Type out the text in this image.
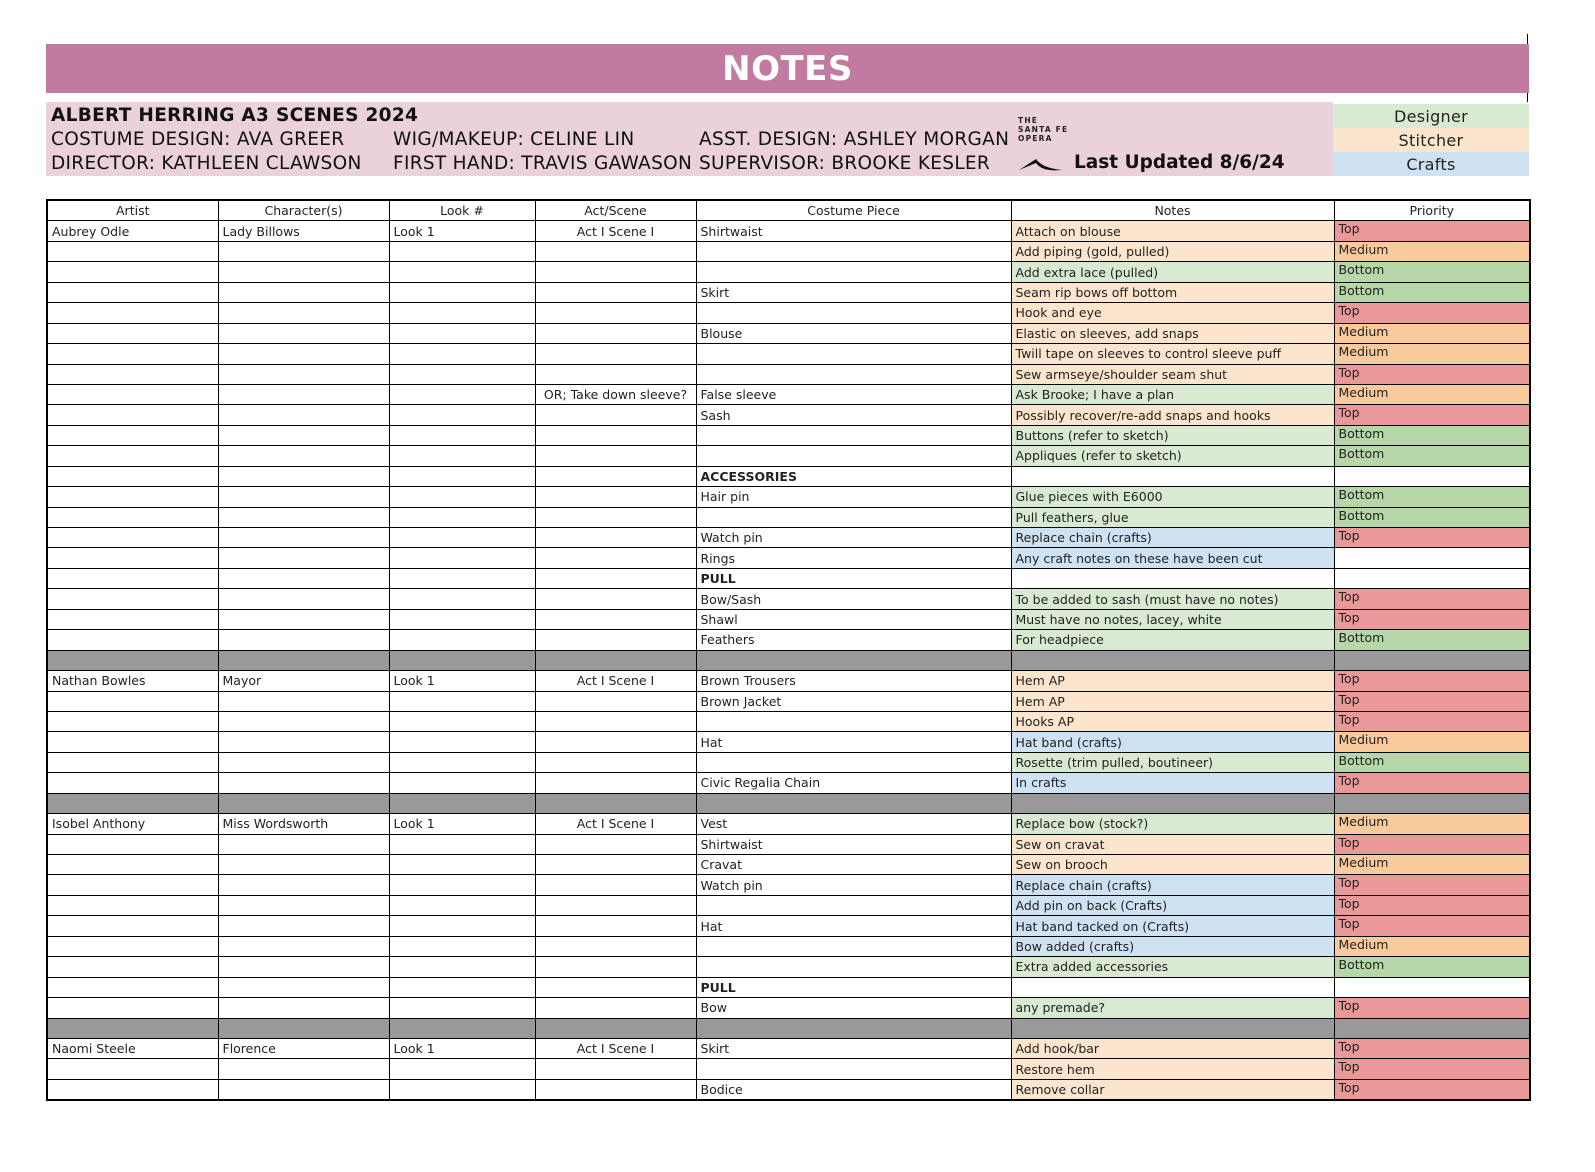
NOTES
ALBERT HERRING A3 SCENES 2024
COSTUME DESIGN: AVA GREER	WIG/MAKEUP: CELINE LIN	ASST. DESIGN: ASHLEY MORGAN
DIRECTOR: KATHLEEN CLAWSON FIRST HAND: TRAVIS GAWASON SUPERVISOR: BROOKE KESLER
THE
SANTA FE
OPERA
Last Updated 8/6/24
Designer
Stitcher
Crafts
Artist	Character(s)	Look #	Act/Scene	Costume Piece	Notes	Priority
Aubrey Odle	Lady Billows	Look 1	Act I Scene I	Shirtwaist	Attach on blouse	Top
					Add piping (gold, pulled)	Medium
					Add extra lace (pulled)	Bottom
				Skirt	Seam rip bows off bottom	Bottom
					Hook and eye	Top
				Blouse	Elastic on sleeves, add snaps	Medium
					Twill tape on sleeves to control sleeve puff	Medium
					Sew armseye/shoulder seam shut	Top
			OR; Take down sleeve?	False sleeve	Ask Brooke; I have a plan	Medium
				Sash	Possibly recover/re-add snaps and hooks	Top
					Buttons (refer to sketch)	Bottom
					Appliques (refer to sketch)	Bottom
				ACCESSORIES		
				Hair pin	Glue pieces with E6000	Bottom
					Pull feathers, glue	Bottom
				Watch pin	Replace chain (crafts)	Top
				Rings	Any craft notes on these have been cut	
				PULL		
				Bow/Sash	To be added to sash (must have no notes)	Top
				Shawl	Must have no notes, lacey, white	Top
				Feathers	For headpiece	Bottom

Nathan Bowles	Mayor	Look 1	Act I Scene I	Brown Trousers	Hem AP	Top
				Brown Jacket	Hem AP	Top
					Hooks AP	Top
				Hat	Hat band (crafts)	Medium
					Rosette (trim pulled, boutineer)	Bottom
				Civic Regalia Chain	In crafts	Top

Isobel Anthony	Miss Wordsworth	Look 1	Act I Scene I	Vest	Replace bow (stock?)	Medium
				Shirtwaist	Sew on cravat	Top
				Cravat	Sew on brooch	Medium
				Watch pin	Replace chain (crafts)	Top
					Add pin on back (Crafts)	Top
				Hat	Hat band tacked on (Crafts)	Top
					Bow added (crafts)	Medium
					Extra added accessories	Bottom
				PULL		
				Bow	any premade?	Top

Naomi Steele	Florence	Look 1	Act I Scene I	Skirt	Add hook/bar	Top
					Restore hem	Top
				Bodice	Remove collar	Top
